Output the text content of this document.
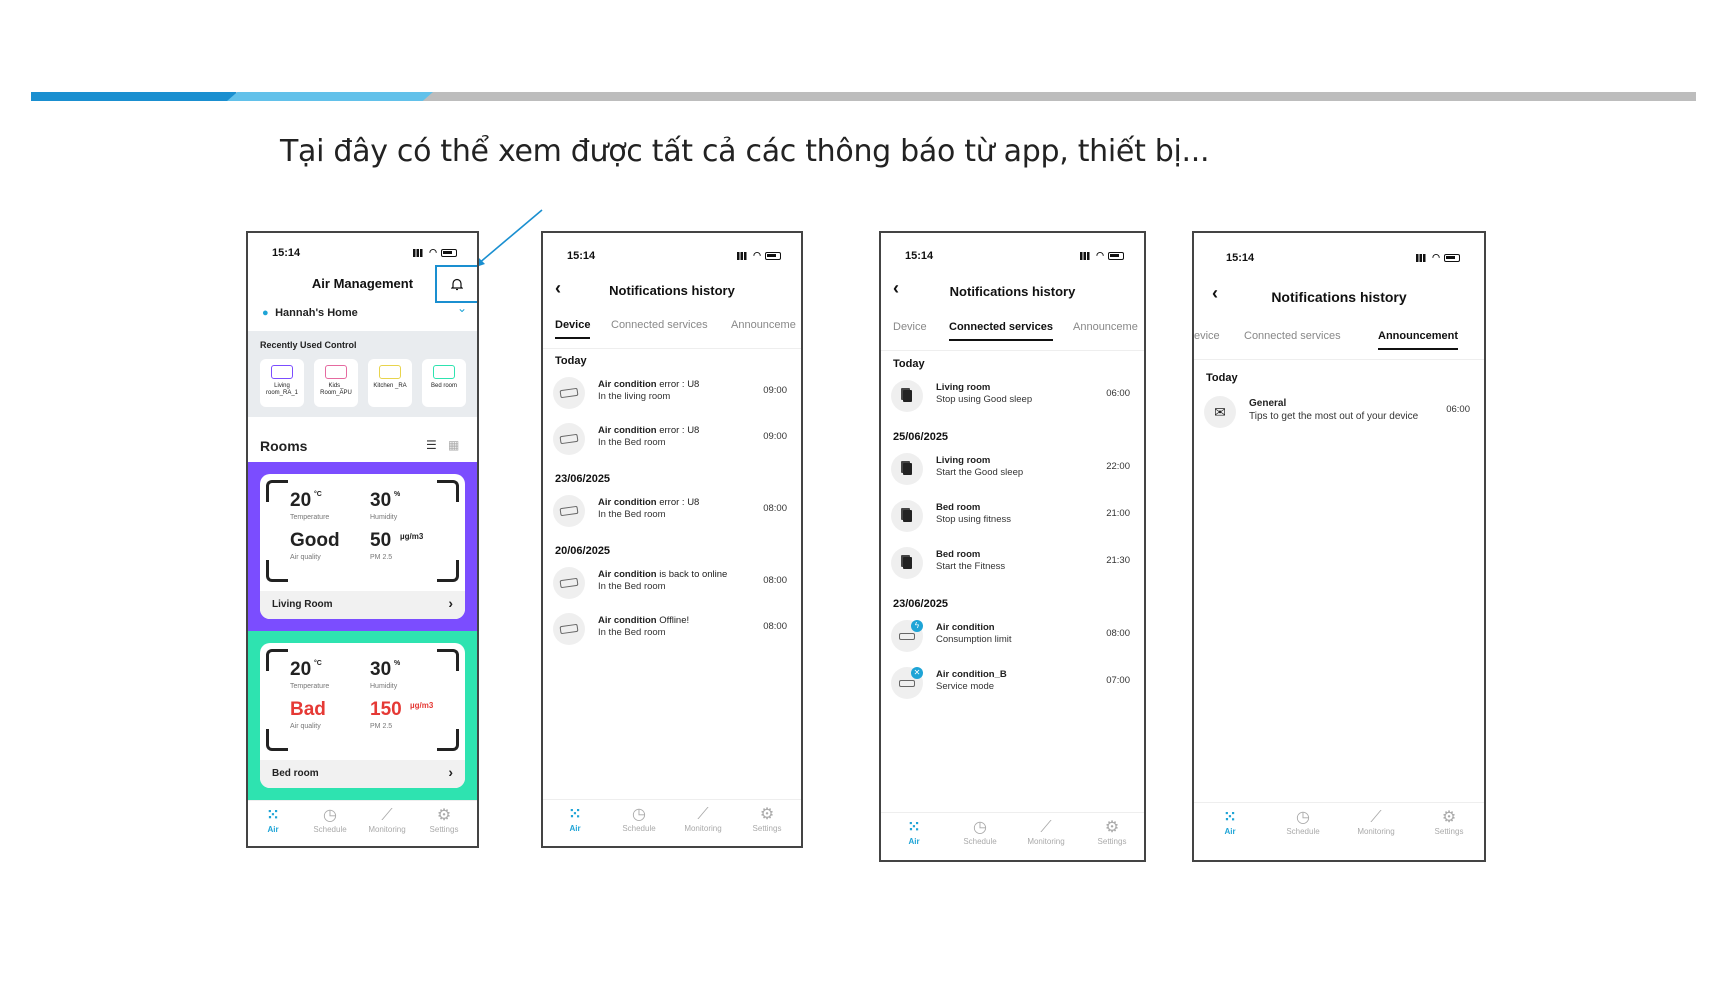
Tại đây có thể xem được tất cả các thông báo từ app, thiết bị...
15:14	◠
Air Management
● Hannah's Home	⌄
Recently Used Control
Living room_RA_1
Kids_ Room_APU
Kitchen _RA	Bed room
Rooms	☰ ▦
20 °C
Temperature
30 %
Humidity
Good
Air quality
50 µg/m3
PM 2.5
Living Room	›
20 °C
Temperature
30 %
Humidity
Bad
Air quality
150 µg/m3
PM 2.5
Bed room	›
⁙
Air
◷
Schedule
⟋
Monitoring
⚙
Settings
15:14	◠
‹	Notifications history
Device Connected services Announceme
Today
Air condition error : U8
In the living room
09:00
Air condition error : U8
In the Bed room
09:00
23/06/2025
Air condition error : U8
In the Bed room
08:00
20/06/2025
Air condition is back to online
In the Bed room
08:00
Air condition Offline!
In the Bed room
08:00
⁙
Air
◷
Schedule
⟋
Monitoring
⚙
Settings
15:14	◠
‹	Notifications history
Device Connected services Announceme
Today
Living room
Stop using Good sleep
06:00
25/06/2025
Living room
Start the Good sleep
22:00
Bed room
Stop using fitness
21:00
Bed room
Start the Fitness
21:30
23/06/2025
ϟ	Air condition
Consumption limit
08:00
✕ Air condition_B
Service mode
07:00
⁙
Air
◷
Schedule
⟋
Monitoring
⚙
Settings
15:14	◠
‹	Notifications history
evice Connected services	Announcement
Today
✉ General
Tips to get the most out of your device
06:00
⁙
Air
◷
Schedule
⟋
Monitoring
⚙
Settings
